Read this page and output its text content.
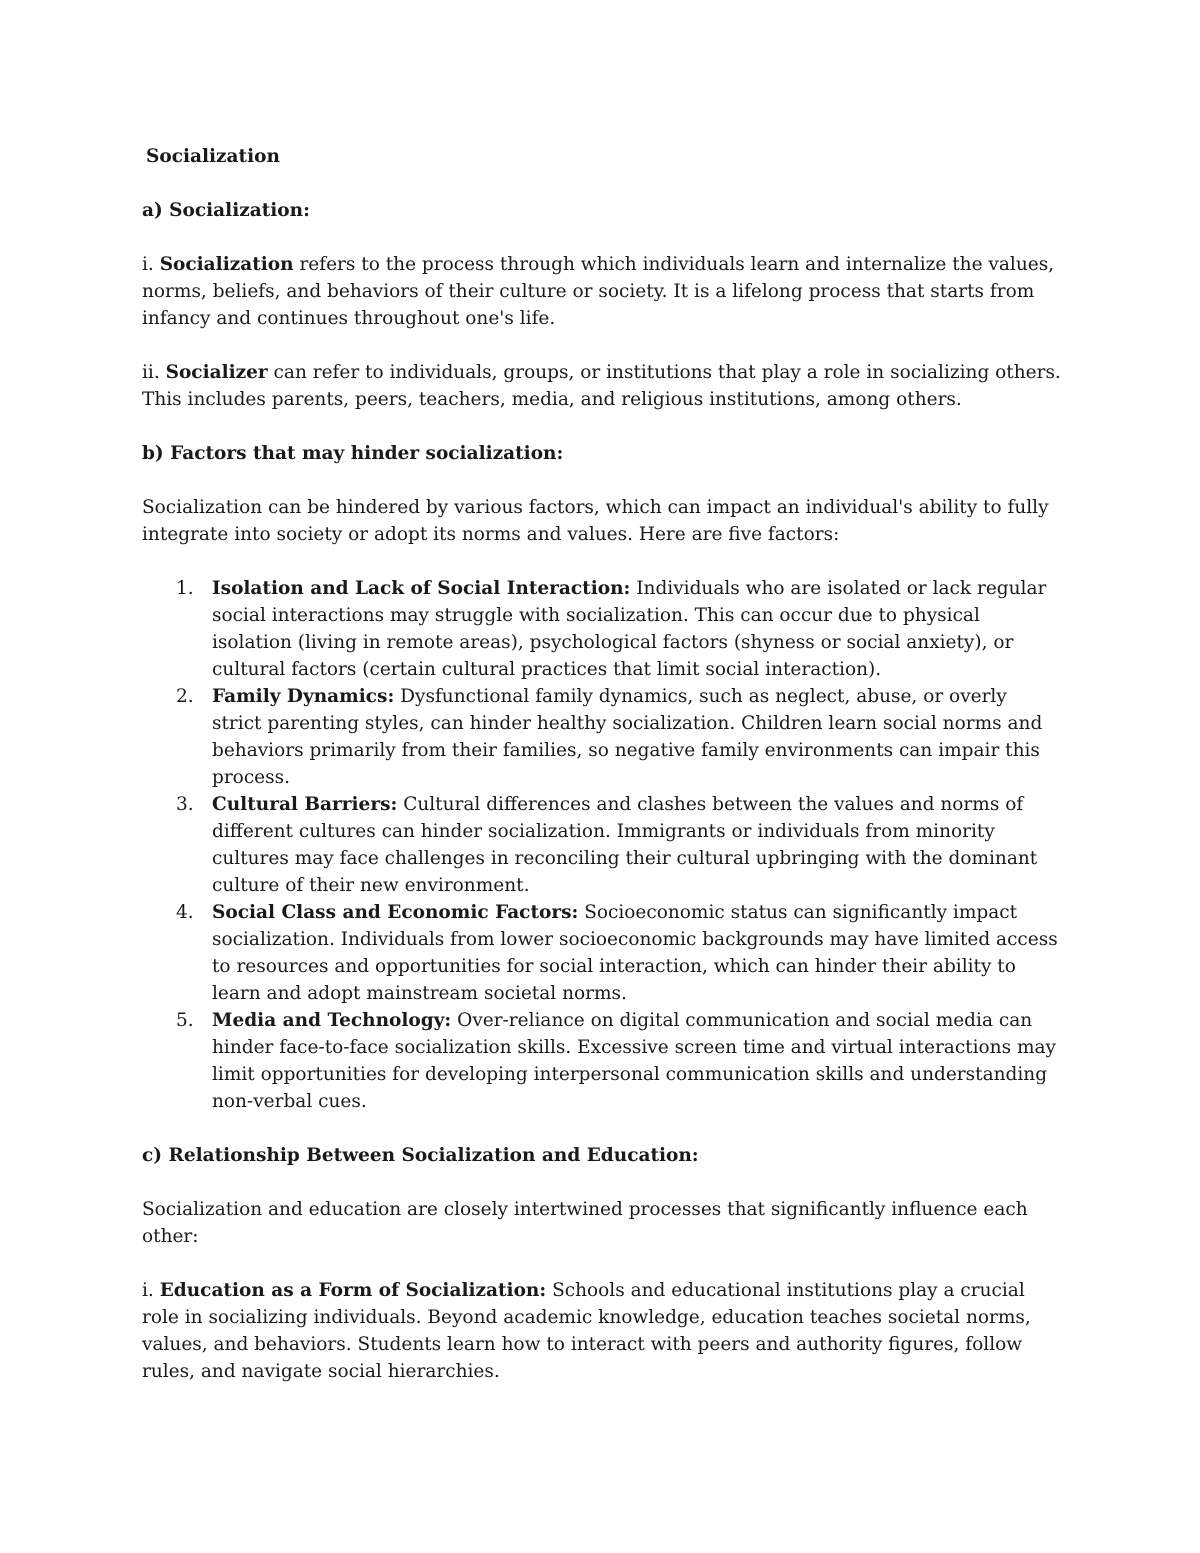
Socialization

a) Socialization:

i. Socialization refers to the process through which individuals learn and internalize the values, norms, beliefs, and behaviors of their culture or society. It is a lifelong process that starts from infancy and continues throughout one's life.

ii. Socializer can refer to individuals, groups, or institutions that play a role in socializing others. This includes parents, peers, teachers, media, and religious institutions, among others.

b) Factors that may hinder socialization:

Socialization can be hindered by various factors, which can impact an individual's ability to fully integrate into society or adopt its norms and values. Here are five factors:

1. Isolation and Lack of Social Interaction: Individuals who are isolated or lack regular social interactions may struggle with socialization. This can occur due to physical isolation (living in remote areas), psychological factors (shyness or social anxiety), or cultural factors (certain cultural practices that limit social interaction).
2. Family Dynamics: Dysfunctional family dynamics, such as neglect, abuse, or overly strict parenting styles, can hinder healthy socialization. Children learn social norms and behaviors primarily from their families, so negative family environments can impair this process.
3. Cultural Barriers: Cultural differences and clashes between the values and norms of different cultures can hinder socialization. Immigrants or individuals from minority cultures may face challenges in reconciling their cultural upbringing with the dominant culture of their new environment.
4. Social Class and Economic Factors: Socioeconomic status can significantly impact socialization. Individuals from lower socioeconomic backgrounds may have limited access to resources and opportunities for social interaction, which can hinder their ability to learn and adopt mainstream societal norms.
5. Media and Technology: Over-reliance on digital communication and social media can hinder face-to-face socialization skills. Excessive screen time and virtual interactions may limit opportunities for developing interpersonal communication skills and understanding non-verbal cues.

c) Relationship Between Socialization and Education:

Socialization and education are closely intertwined processes that significantly influence each other:

i. Education as a Form of Socialization: Schools and educational institutions play a crucial role in socializing individuals. Beyond academic knowledge, education teaches societal norms, values, and behaviors. Students learn how to interact with peers and authority figures, follow rules, and navigate social hierarchies.
